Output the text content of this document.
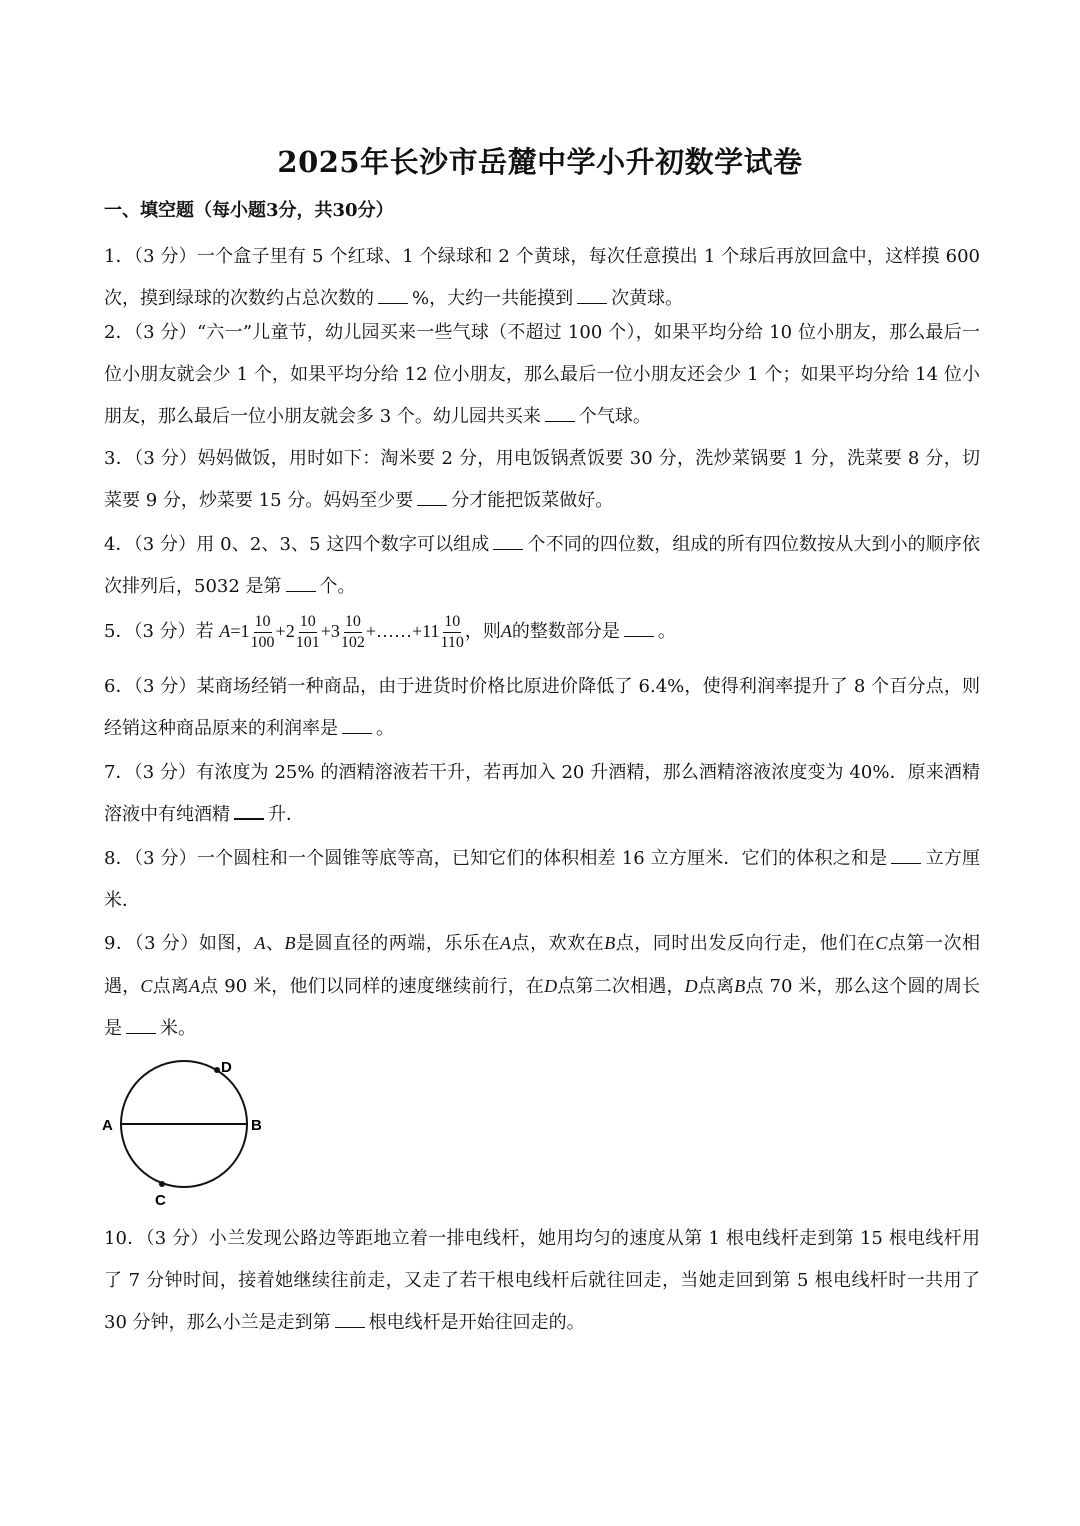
2025年长沙市岳麓中学小升初数学试卷
一、填空题（每小题3分，共30分）

1．（3 分）一个盒子里有 5 个红球、1 个绿球和 2 个黄球，每次任意摸出 1 个球后再放回盒中，这样摸 600 次，摸到绿球的次数约占总次数的 %，大约一共能摸到 次黄球。

2．（3 分）“六一”儿童节，幼儿园买来一些气球（不超过 100 个），如果平均分给 10 位小朋友，那么最后一位小朋友就会少 1 个，如果平均分给 12 位小朋友，那么最后一位小朋友还会少 1 个；如果平均分给 14 位小朋友，那么最后一位小朋友就会多 3 个。幼儿园共买来 个气球。

3．（3 分）妈妈做饭，用时如下：淘米要 2 分，用电饭锅煮饭要 30 分，洗炒菜锅要 1 分，洗菜要 8 分，切菜要 9 分，炒菜要 15 分。妈妈至少要 分才能把饭菜做好。

4．（3 分）用 0、2、3、5 这四个数字可以组成 个不同的四位数，组成的所有四位数按从大到小的顺序依次排列后，5032 是第 个。

5．（3 分）若 $A=1 \frac{10}{100} +2 \frac{10}{101} +3 \frac{10}{102}$ +……+11 $\frac{10}{110}$ ，则A的整数部分是 。

6．（3 分）某商场经销一种商品，由于进货时价格比原进价降低了 6.4%，使得利润率提升了 8 个百分点，则经销这种商品原来的利润率是 。

7．（3 分）有浓度为 25% 的酒精溶液若干升，若再加入 20 升酒精，那么酒精溶液浓度变为 40%．原来酒精溶液中有纯酒精 升．

8．（3 分）一个圆柱和一个圆锥等底等高，已知它们的体积相差 16 立方厘米．它们的体积之和是 立方厘米．

9．（3 分）如图，A、B是圆直径的两端，乐乐在A点，欢欢在B点，同时出发反向行走，他们在C点第一次相遇，C点离A点 90 米，他们以同样的速度继续前行，在D点第二次相遇，D点离B点 70 米，那么这个圆的周长是 米。

A	B
C
D

10．（3 分）小兰发现公路边等距地立着一排电线杆，她用均匀的速度从第 1 根电线杆走到第 15 根电线杆用了 7 分钟时间，接着她继续往前走，又走了若干根电线杆后就往回走，当她走回到第 5 根电线杆时一共用了 30 分钟，那么小兰是走到第 根电线杆是开始往回走的。
